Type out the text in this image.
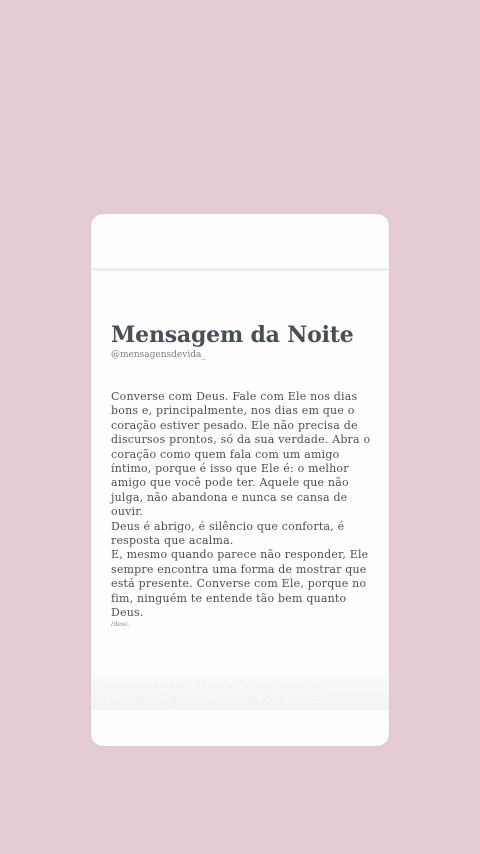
Mensagem da Noite
@mensagensdevida_
Converse com Deus. Fale com Ele nos dias
bons e, principalmente, nos dias em que o
coração estiver pesado. Ele não precisa de
discursos prontos, só da sua verdade. Abra o
coração como quem fala com um amigo
íntimo, porque é isso que Ele é: o melhor
amigo que você pode ter. Aquele que não
julga, não abandona e nunca se cansa de
ouvir.
Deus é abrigo, é silêncio que conforta, é
resposta que acalma.
E, mesmo quando parece não responder, Ele
sempre encontra uma forma de mostrar que
está presente. Converse com Ele, porque no
fim, ninguém te entende tão bem quanto
Deus.
/desc.
mensagensdevida_ @frasesdafe @deusefiel
@palavradefe @fe_e_esperanca @fe_e_amor
